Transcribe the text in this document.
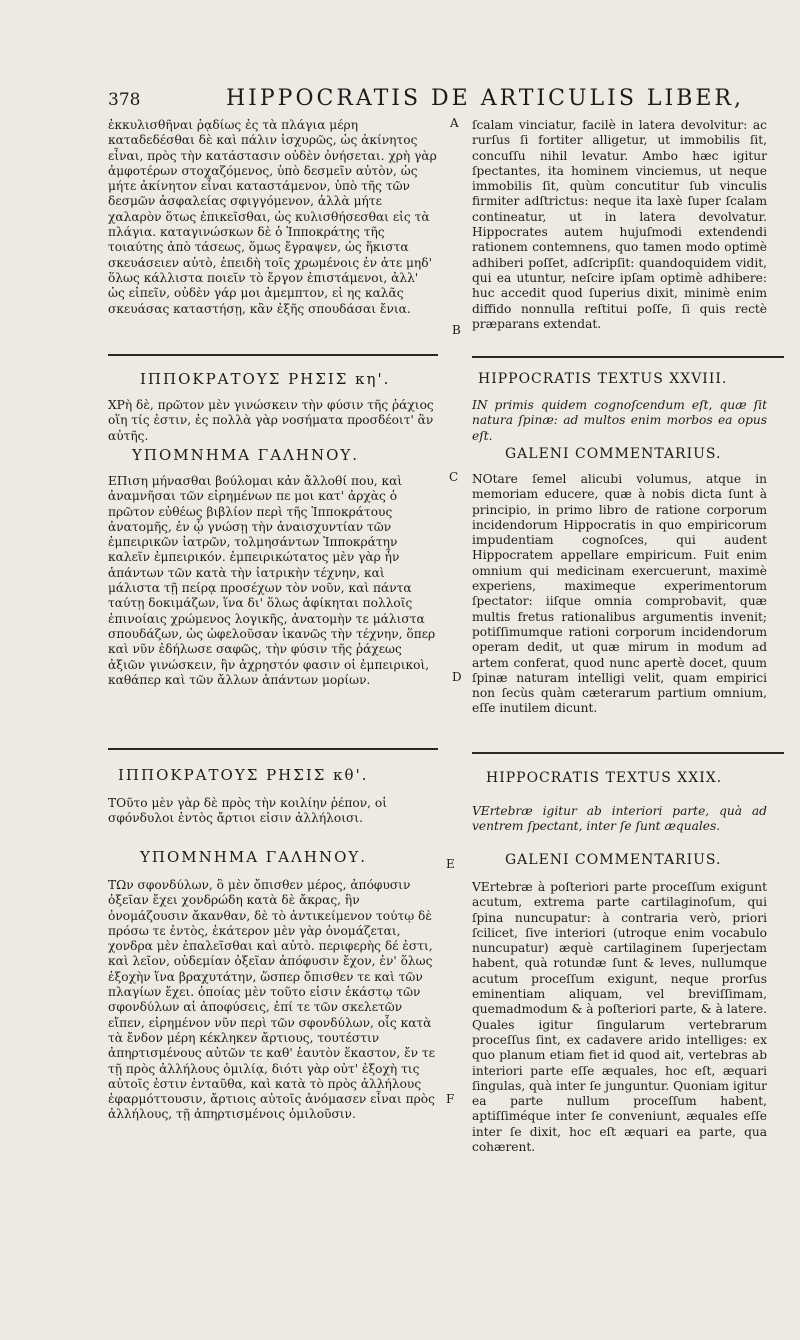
378	HIPPOCRATIS DE ARTICULIS LIBER,
A
B
C
D
E
F

ἐκκυλισθῆναι ῥᾳδίως ἐς τὰ πλάγια μέρη καταδεδέσθαι δὲ καὶ πάλιν ἰσχυρῶς, ὡς ἀκίνητος εἶναι, πρὸς τὴν κατάστασιν οὐδὲν ὀνήσεται. χρὴ γὰρ ἀμφοτέρων στοχαζόμενος, ὑπὸ δεσμεῖν αὐτὸν, ὡς μήτε ἀκίνητον εἶναι καταστάμενον, ὑπὸ τῆς τῶν δεσμῶν ἀσφαλείας σφιγγόμενον, ἀλλὰ μήτε χαλαρὸν ὅτως ἐπικεῖσθαι, ὡς κυλισθήσεσθαι εἰς τὰ πλάγια. καταγινώσκων δὲ ὁ Ἱπποκράτης τῆς τοιαύτης ἀπὸ τάσεως, ὅμως ἔγραψεν, ὡς ἥκιστα σκευάσειεν αὐτὸ, ἐπειδὴ τοῖς χρωμένοις ἐν ἀτε μηδ' ὅλως κάλλιστα ποιεῖν τὸ ἔργον ἐπιστάμενοι, ἀλλ' ὡς εἰπεῖν, οὐδὲν γάρ μοι ἀμεμπτον, εἰ ης καλᾶς σκευάσας καταστήσῃ, κἂν ἐξῆς σπουδάσαι ἔνια.

ΙΠΠΟΚΡΑΤΟΥΣ ΡΗΣΙΣ κη'.

ΧΡὴ δὲ, πρῶτον μὲν γινώσκειν τὴν φύσιν τῆς ῥάχιος οἵη τίς ἐστιν, ἐς πολλὰ γὰρ νοσήματα προσδέοιτ' ἂν αὐτῆς.

ΥΠΟΜΝΗΜΑ ΓΑΛΗΝΟΥ.

ΕΠιση μήνασθαι βούλομαι κἀν ἄλλοθί που, καὶ ἀναμνῆσαι τῶν εἰρημένων πε μοι κατ' ἀρχὰς ὁ πρῶτον εὐθέως βιβλίον περὶ τῆς Ἱπποκράτους ἀνατομῆς, ἐν ᾧ γνώσῃ τὴν ἀναισχυντίαν τῶν ἐμπειρικῶν ἰατρῶν, τολμησάντων Ἱπποκράτην καλεῖν ἐμπειρικόν. ἐμπειρικώτατος μὲν γὰρ ἦν ἁπάντων τῶν κατὰ τὴν ἰατρικὴν τέχνην, καὶ μάλιστα τῇ πείρᾳ προσέχων τὸν νοῦν, καὶ πάντα ταύτῃ δοκιμάζων, ἵνα δι' ὅλως ἀφίκηται πολλοῖς ἐπινοίαις χρώμενος λογικῆς, ἀνατομὴν τε μάλιστα σπουδάζων, ὡς ὠφελοῦσαν ἱκανῶς τὴν τέχνην, ὅπερ καὶ νῦν ἐδήλωσε σαφῶς, τὴν φύσιν τῆς ῥάχεως ἀξιῶν γινώσκειν, ἣν ἀχρηστόν φασιν οἱ ἐμπειρικοὶ, καθάπερ καὶ τῶν ἄλλων ἁπάντων μορίων.

ΙΠΠΟΚΡΑΤΟΥΣ ΡΗΣΙΣ κθ'.

ΤΟῦτο μὲν γὰρ δὲ πρὸς τὴν κοιλίην ῥέπον, οἱ σφόνδυλοι ἐντὸς ἄρτιοι εἰσιν ἀλλήλοισι.

ΥΠΟΜΝΗΜΑ ΓΑΛΗΝΟΥ.

ΤΩν σφονδύλων, ὃ μὲν ὄπισθεν μέρος, ἀπόφυσιν ὀξεῖαν ἔχει χονδρώδη κατὰ δὲ ἄκρας, ἣν ὀνομάζουσιν ἄκανθαν, δὲ τὸ ἀντικείμενον τούτῳ δὲ πρόσω τε ἐντὸς, ἐκάτερον μὲν γὰρ ὀνομάζεται, χονδρα μὲν ἐπαλεῖσθαι καὶ αὐτὸ. περιφερὴς δέ ἐστι, καὶ λεῖον, οὐδεμίαν ὀξεῖαν ἀπόφυσιν ἔχον, ἐν' ὅλως ἐξοχὴν ἵνα βραχυτάτην, ὥσπερ ὄπισθεν τε καὶ τῶν πλαγίων ἔχει. ὁποίας μὲν τοῦτο εἰσιν ἑκάστῳ τῶν σφονδύλων αἱ ἀποφύσεις, ἐπί τε τῶν σκελετῶν εἴπεν, εἰρημένον νῦν περὶ τῶν σφονδύλων, οἷς κατὰ τὰ ἔνδον μέρη κέκληκεν ἄρτιους, τουτέστιν ἀπηρτισμένους αὐτῶν τε καθ' ἑαυτὸν ἕκαστον, ἔν τε τῇ πρὸς ἀλλήλους ὁμιλίᾳ, διότι γὰρ οὐτ' ἐξοχὴ τις αὐτοῖς ἐστιν ἐνταῦθα, καὶ κατὰ τὸ πρὸς ἀλλήλους ἐφαρμόττουσιν, ἄρτιοις αὐτοῖς ἀνόμασεν εἶναι πρὸς ἀλλήλους, τῇ ἀπηρτισμένοις ὁμιλοῦσιν.

ſcalam vinciatur, facilè in latera devolvitur: ac rurſus ſi fortiter alligetur, ut immobilis ſit, concuſſu nihil levatur. Ambo hæc igitur ſpectantes, ita hominem vinciemus, ut neque immobilis ſit, quùm concutitur ſub vinculis firmiter adſtrictus: neque ita laxè ſuper ſcalam contineatur, ut in latera devolvatur. Hippocrates autem hujuſmodi extendendi rationem contemnens, quo tamen modo optimè adhiberi poſſet, adſcripſit: quandoquidem vidit, qui ea utuntur, neſcire ipſam optimè adhibere: huc accedit quod ſuperius dixit, minimè enim diffido nonnulla reſtitui poſſe, ſi quis rectè præparans extendat.

HIPPOCRATIS TEXTUS XXVIII.

IN primis quidem cognoſcendum eſt, quæ ſit natura ſpinæ: ad multos enim morbos ea opus eſt.

GALENI COMMENTARIUS.

NOtare ſemel alicubi volumus, atque in memoriam educere, quæ à nobis dicta ſunt à principio, in primo libro de ratione corporum incidendorum Hippocratis in quo empiricorum impudentiam cognoſces, qui audent Hippocratem appellare empiricum. Fuit enim omnium qui medicinam exercuerunt, maximè experiens, maximeque experimentorum ſpectator: iiſque omnia comprobavit, quæ multis fretus rationalibus argumentis invenit; potiſſimumque rationi corporum incidendorum operam dedit, ut quæ mirum in modum ad artem conferat, quod nunc apertè docet, quum ſpinæ naturam intelligi velit, quam empirici non ſecùs quàm cæterarum partium omnium, eſſe inutilem dicunt.

HIPPOCRATIS TEXTUS XXIX.

VErtebræ igitur ab interiori parte, quà ad ventrem ſpectant, inter ſe ſunt æquales.

GALENI COMMENTARIUS.

VErtebræ à poſteriori parte proceſſum exigunt acutum, extrema parte cartilaginoſum, qui ſpina nuncupatur: à contraria verò, priori ſcilicet, ſive interiori (utroque enim vocabulo nuncupatur) æquè cartilaginem ſuperjectam habent, quà rotundæ ſunt & leves, nullumque acutum proceſſum exigunt, neque prorſus eminentiam aliquam, vel breviſſimam, quemadmodum & à poſteriori parte, & à latere. Quales igitur ſingularum vertebrarum proceſſus ſint, ex cadavere arido intelliges: ex quo planum etiam fiet id quod ait, vertebras ab interiori parte eſſe æquales, hoc eſt, æquari ſingulas, quà inter ſe junguntur. Quoniam igitur ea parte nullum proceſſum habent, aptiſſiméque inter ſe conveniunt, æquales eſſe inter ſe dixit, hoc eſt æquari ea parte, qua cohærent.
